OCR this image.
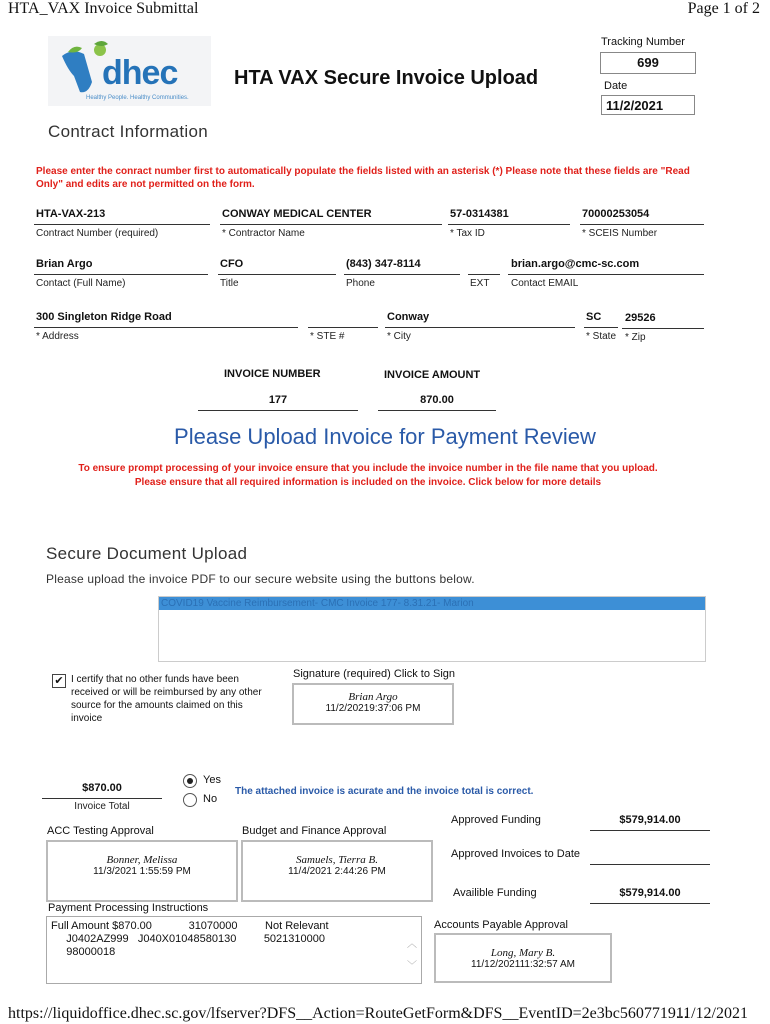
HTA_VAX Invoice Submittal	Page 1 of 2
dhec
Healthy People. Healthy Communities.
HTA VAX Secure Invoice Upload
Tracking Number
699
Date
11/2/2021
Contract Information
Please enter the conract number first to automatically populate the fields listed with an asterisk (*) Please note that these fields are "Read Only" and edits are not permitted on the form.
HTA-VAX-213
Contract Number (required)
CONWAY MEDICAL CENTER
* Contractor Name
57-0314381
* Tax ID
70000253054
* SCEIS Number
Brian Argo
Contact (Full Name)
CFO
Title
(843) 347-8114
Phone	EXT
brian.argo@cmc-sc.com
Contact EMAIL
300 Singleton Ridge Road
* Address	* STE #
Conway
* City
SC
* State
29526
* Zip
INVOICE NUMBER
177
INVOICE AMOUNT
870.00
Please Upload Invoice for Payment Review
To ensure prompt processing of your invoice ensure that you include the invoice number in the file name that you upload.
Please ensure that all required information is included on the invoice. Click below for more details
Secure Document Upload
Please upload the invoice PDF to our secure website using the buttons below.
COVID19 Vaccine Reimbursement- CMC Invoice 177- 8.31.21- Marion
✔ I certify that no other funds have been received or will be reimbursed by any other source for the amounts claimed on this invoice
Signature (required) Click to Sign
Brian Argo
11/2/20219:37:06 PM
$870.00
Invoice Total
Yes
No
The attached invoice is acurate and the invoice total is correct.
ACC Testing Approval
Bonner, Melissa
11/3/2021 1:55:59 PM
Budget and Finance Approval
Samuels, Tierra B.
11/4/2021 2:44:26 PM
Approved Funding	$579,914.00
Approved Invoices to Date
Availible Funding	$579,914.00
Payment Processing Instructions
Full Amount $870.00            31070000         Not Relevant
J0402AZ999   J040X01048580130         5021310000
98000018
︿
﹀
Accounts Payable Approval
Long, Mary B.
11/12/202111:32:57 AM
https://liquidoffice.dhec.sc.gov/lfserver?DFS__Action=RouteGetForm&DFS__EventID=2e3bc5607719...
11/12/2021
